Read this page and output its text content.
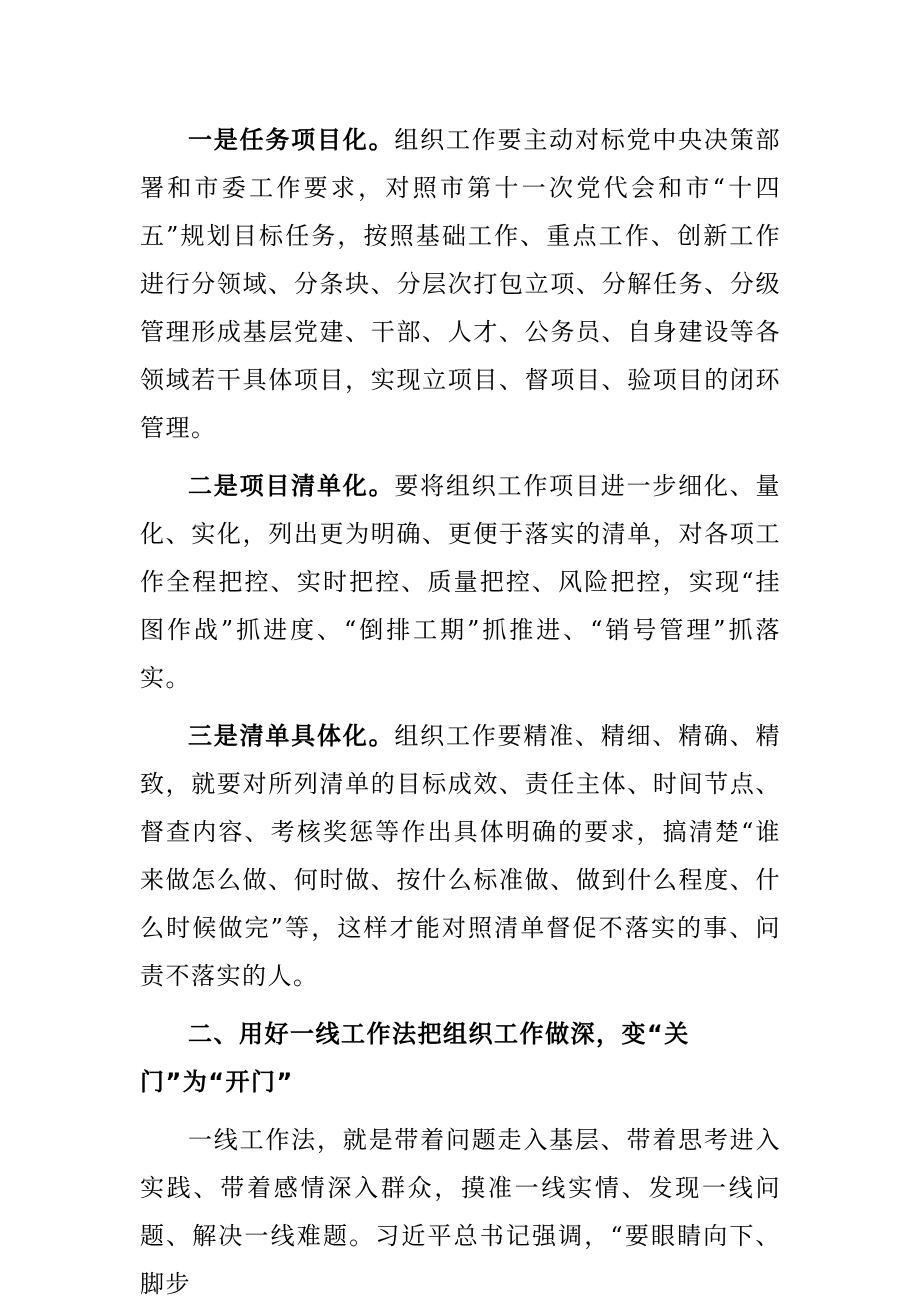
一是任务项目化。组织工作要主动对标党中央决策部署和市委工作要求，对照市第十一次党代会和市“十四五”规划目标任务，按照基础工作、重点工作、创新工作进行分领域、分条块、分层次打包立项、分解任务、分级管理形成基层党建、干部、人才、公务员、自身建设等各领域若干具体项目，实现立项目、督项目、验项目的闭环管理。

二是项目清单化。要将组织工作项目进一步细化、量化、实化，列出更为明确、更便于落实的清单，对各项工作全程把控、实时把控、质量把控、风险把控，实现“挂图作战”抓进度、“倒排工期”抓推进、“销号管理”抓落实。

三是清单具体化。组织工作要精准、精细、精确、精致，就要对所列清单的目标成效、责任主体、时间节点、督查内容、考核奖惩等作出具体明确的要求，搞清楚“谁来做怎么做、何时做、按什么标准做、做到什么程度、什么时候做完”等，这样才能对照清单督促不落实的事、问责不落实的人。

二、用好一线工作法把组织工作做深，变“关门”为“开门”

一线工作法，就是带着问题走入基层、带着思考进入实践、带着感情深入群众，摸准一线实情、发现一线问题、解决一线难题。习近平总书记强调，“要眼睛向下、脚步
